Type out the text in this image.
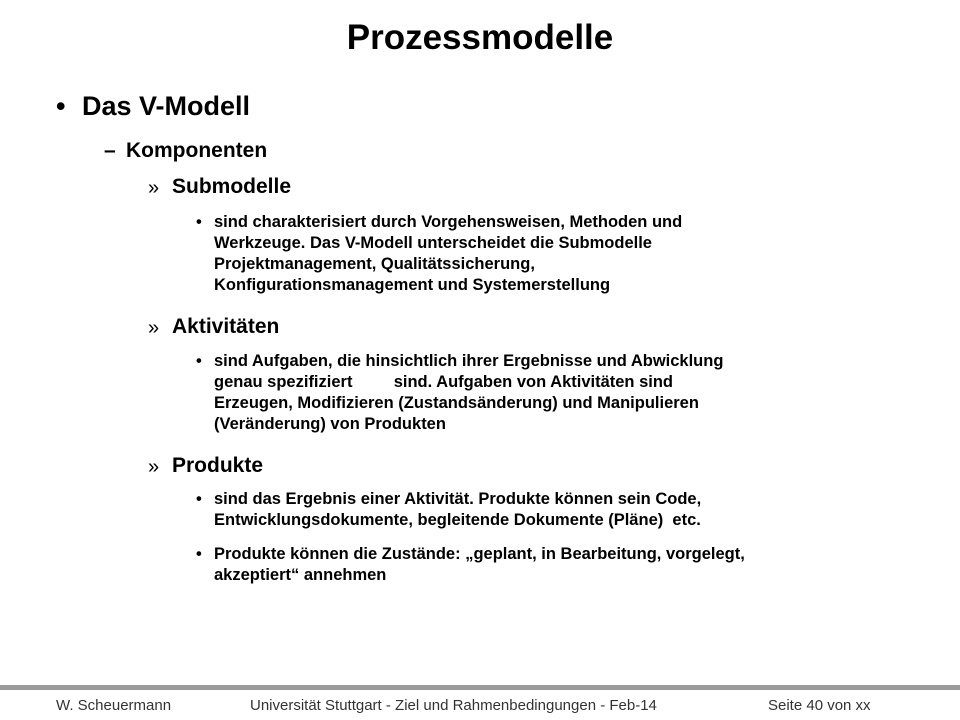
Prozessmodelle
• Das V-Modell
– Komponenten
» Submodelle
• sind charakterisiert durch Vorgehensweisen, Methoden und
Werkzeuge. Das V-Modell unterscheidet die Submodelle
Projektmanagement, Qualitätssicherung,
Konfigurationsmanagement und Systemerstellung
» Aktivitäten
• sind Aufgaben, die hinsichtlich ihrer Ergebnisse und Abwicklung
genau spezifiziert         sind. Aufgaben von Aktivitäten sind
Erzeugen, Modifizieren (Zustandsänderung) und Manipulieren
(Veränderung) von Produkten
» Produkte
• sind das Ergebnis einer Aktivität. Produkte können sein Code,
Entwicklungsdokumente, begleitende Dokumente (Pläne)  etc.
• Produkte können die Zustände: „geplant, in Bearbeitung, vorgelegt,
akzeptiert“ annehmen
W. Scheuermann	Universität Stuttgart - Ziel und Rahmenbedingungen - Feb-14	Seite 40 von xx
